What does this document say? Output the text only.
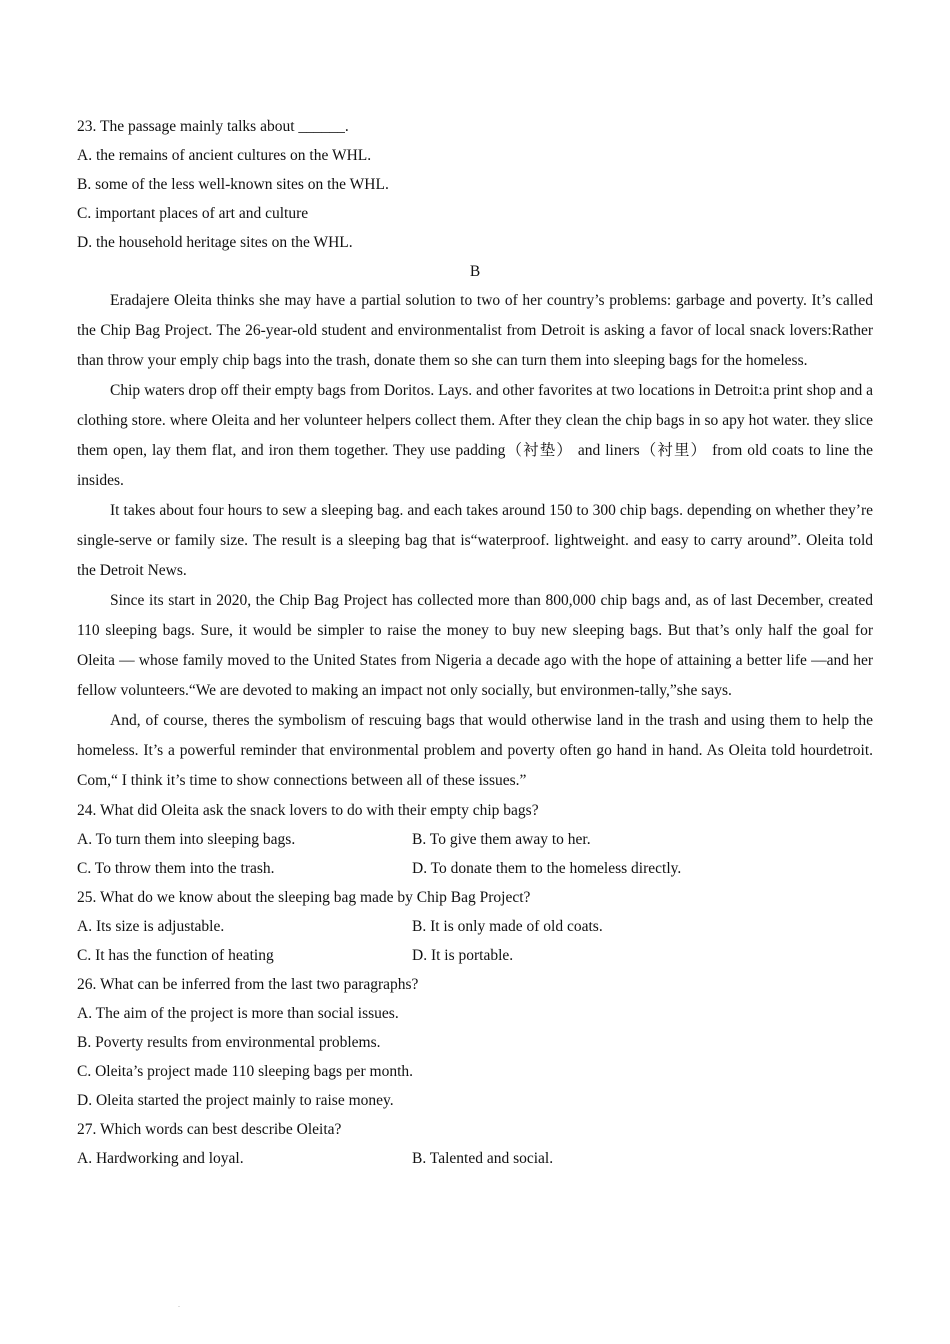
23. The passage mainly talks about ______.
A. the remains of ancient cultures on the WHL.
B. some of the less well-known sites on the WHL.
C. important places of art and culture
D. the household heritage sites on the WHL.
B

Eradajere Oleita thinks she may have a partial solution to two of her country’s problems: garbage and poverty. It’s called the Chip Bag Project. The 26-year-old student and environmentalist from Detroit is asking a favor of local snack lovers:Rather than throw your emply chip bags into the trash, donate them so she can turn them into sleeping bags for the homeless.

Chip waters drop off their empty bags from Doritos. Lays. and other favorites at two locations in Detroit:a print shop and a clothing store. where Oleita and her volunteer helpers collect them. After they clean the chip bags in so apy hot water. they slice them open, lay them flat, and iron them together. They use padding（衬垫） and liners（衬里） from old coats to line the insides.

It takes about four hours to sew a sleeping bag. and each takes around 150 to 300 chip bags. depending on whether they’re single-serve or family size. The result is a sleeping bag that is“waterproof. lightweight. and easy to carry around”. Oleita told the Detroit News.

Since its start in 2020, the Chip Bag Project has collected more than 800,000 chip bags and, as of last December, created 110 sleeping bags. Sure, it would be simpler to raise the money to buy new sleeping bags. But that’s only half the goal for Oleita — whose family moved to the United States from Nigeria a decade ago with the hope of attaining a better life —and her fellow volunteers.“We are devoted to making an impact not only socially, but environmen-tally,”she says.

And, of course, theres the symbolism of rescuing bags that would otherwise land in the trash and using them to help the homeless. It’s a powerful reminder that environmental problem and poverty often go hand in hand. As Oleita told hourdetroit. Com,“ I think it’s time to show connections between all of these issues.”

24. What did Oleita ask the snack lovers to do with their empty chip bags?
A. To turn them into sleeping bags.	B. To give them away to her.
C. To throw them into the trash.	D. To donate them to the homeless directly.
25. What do we know about the sleeping bag made by Chip Bag Project?
A. Its size is adjustable.	B. It is only made of old coats.
C. It has the function of heating	D. It is portable.
26. What can be inferred from the last two paragraphs?
A. The aim of the project is more than social issues.
B. Poverty results from environmental problems.
C. Oleita’s project made 110 sleeping bags per month.
D. Oleita started the project mainly to raise money.
27. Which words can best describe Oleita?
A. Hardworking and loyal.	B. Talented and social.
.
